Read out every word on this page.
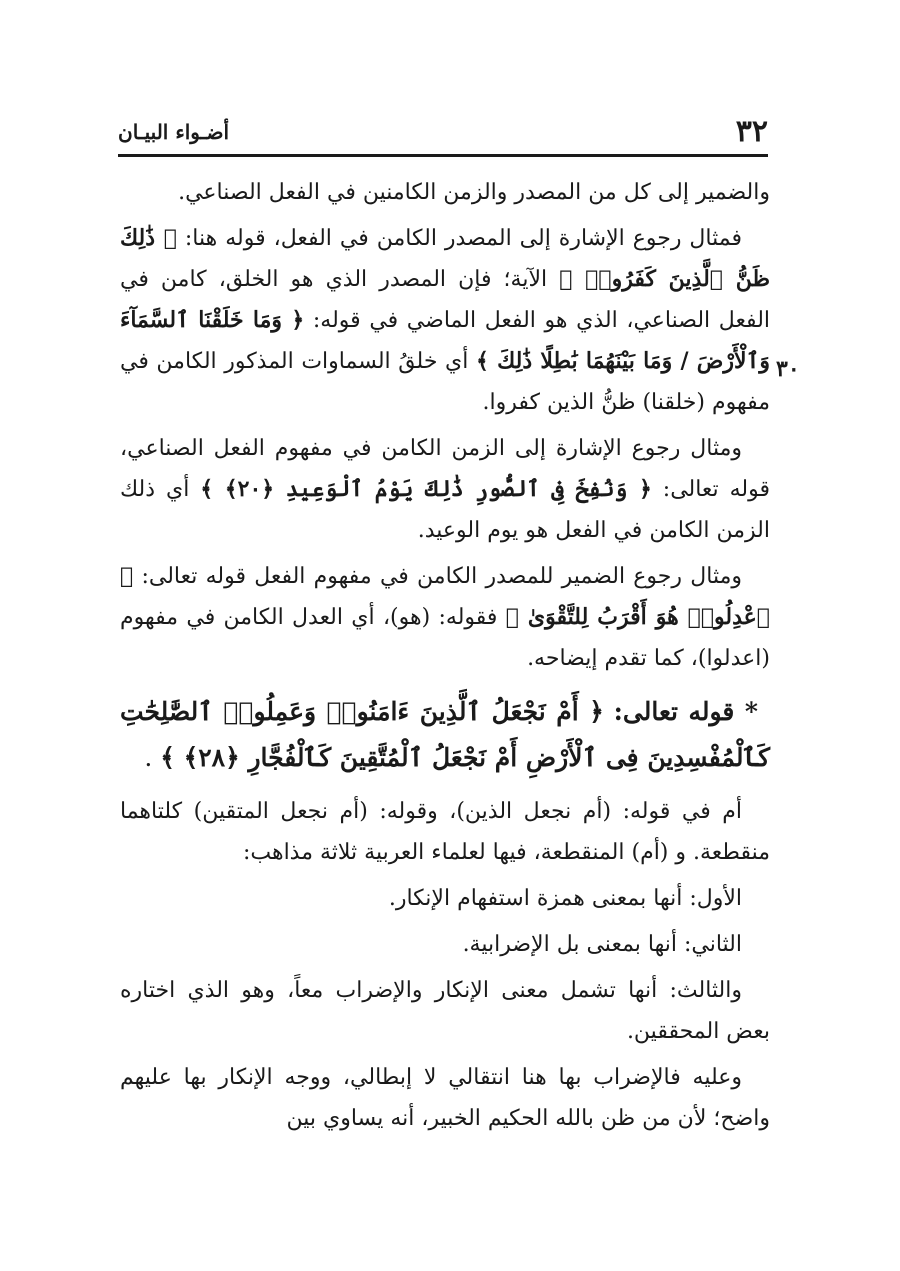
٣٢
أضـواء البيـان
٣٠

والضمير إلى كل من المصدر والزمن الكامنين في الفعل الصناعي.

فمثال رجوع الإشارة إلى المصدر الكامن في الفعل، قوله هنا: ﴿ ذَٰلِكَ ظَنُّ ٱلَّذِينَ كَفَرُوا۟ ﴾ الآية؛ فإن المصدر الذي هو الخلق، كامن في الفعل الصناعي، الذي هو الفعل الماضي في قوله: ﴿ وَمَا خَلَقْنَا ٱلسَّمَآءَ وَٱلْأَرْضَ / وَمَا بَيْنَهُمَا بَٰطِلًا ذَٰلِكَ ﴾ أي خلقُ السماوات المذكور الكامن في مفهوم (خلقنا) ظنُّ الذين كفروا.

ومثال رجوع الإشارة إلى الزمن الكامن في مفهوم الفعل الصناعي، قوله تعالى: ﴿ وَنُفِخَ فِى ٱلصُّورِ ذَٰلِكَ يَوْمُ ٱلْوَعِيدِ ﴿٢٠﴾ ﴾ أي ذلك الزمن الكامن في الفعل هو يوم الوعيد.

ومثال رجوع الضمير للمصدر الكامن في مفهوم الفعل قوله تعالى: ﴿ ٱعْدِلُوا۟ هُوَ أَقْرَبُ لِلتَّقْوَىٰ ﴾ فقوله: (هو)، أي العدل الكامن في مفهوم (اعدلوا)، كما تقدم إيضاحه.

* قوله تعالى: ﴿ أَمْ نَجْعَلُ ٱلَّذِينَ ءَامَنُوا۟ وَعَمِلُوا۟ ٱلصَّٰلِحَٰتِ كَٱلْمُفْسِدِينَ فِى ٱلْأَرْضِ أَمْ نَجْعَلُ ٱلْمُتَّقِينَ كَٱلْفُجَّارِ ﴿٢٨﴾ ﴾ .

أم في قوله: (أم نجعل الذين)، وقوله: (أم نجعل المتقين) كلتاهما منقطعة. و (أم) المنقطعة، فيها لعلماء العربية ثلاثة مذاهب:

الأول: أنها بمعنى همزة استفهام الإنكار.

الثاني: أنها بمعنى بل الإضرابية.

والثالث: أنها تشمل معنى الإنكار والإضراب معاً، وهو الذي اختاره بعض المحققين.

وعليه فالإضراب بها هنا انتقالي لا إبطالي، ووجه الإنكار بها عليهم واضح؛ لأن من ظن بالله الحكيم الخبير، أنه يساوي بين
